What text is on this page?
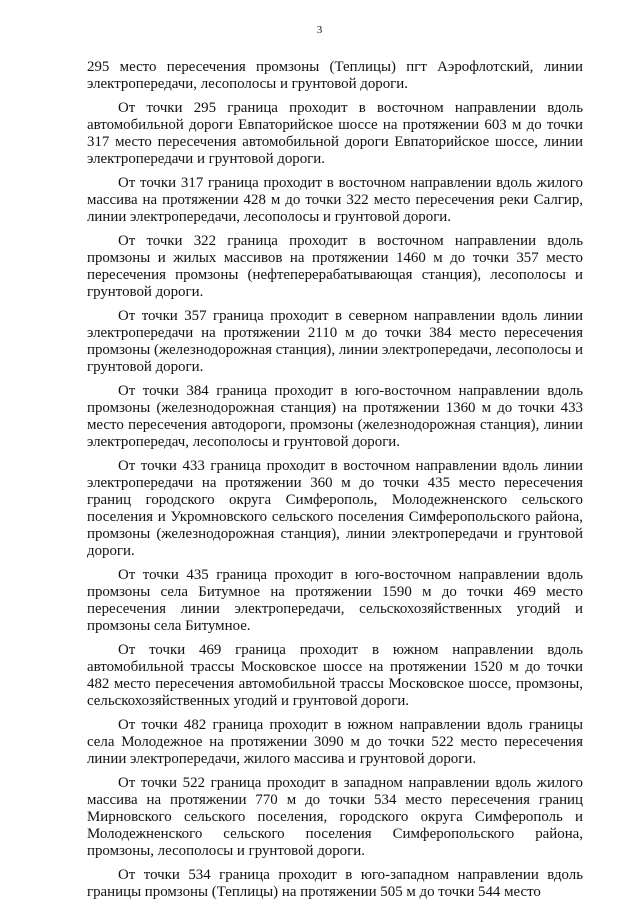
3

295 место пересечения промзоны (Теплицы) пгт Аэрофлотский, линии электропередачи, лесополосы и грунтовой дороги.

От точки 295 граница проходит в восточном направлении вдоль автомобильной дороги Евпаторийское шоссе на протяжении 603 м до точки 317 место пересечения автомобильной дороги Евпаторийское шоссе, линии электропередачи и грунтовой дороги.

От точки 317 граница проходит в восточном направлении вдоль жилого массива на протяжении 428 м до точки 322 место пересечения реки Салгир, линии электропередачи, лесополосы и грунтовой дороги.

От точки 322 граница проходит в восточном направлении вдоль промзоны и жилых массивов на протяжении 1460 м до точки 357 место пересечения промзоны (нефтеперерабатывающая станция), лесополосы и грунтовой дороги.

От точки 357 граница проходит в северном направлении вдоль линии электропередачи на протяжении 2110 м до точки 384 место пересечения промзоны (железнодорожная станция), линии электропередачи, лесополосы и грунтовой дороги.

От точки 384 граница проходит в юго-восточном направлении вдоль промзоны (железнодорожная станция) на протяжении 1360 м до точки 433 место пересечения автодороги, промзоны (железнодорожная станция), линии электропередач, лесополосы и грунтовой дороги.

От точки 433 граница проходит в восточном направлении вдоль линии электропередачи на протяжении 360 м до точки 435 место пересечения границ городского округа Симферополь, Молодежненского сельского поселения и Укромновского сельского поселения Симферопольского района, промзоны (железнодорожная станция), линии электропередачи и грунтовой дороги.

От точки 435 граница проходит в юго-восточном направлении вдоль промзоны села Битумное на протяжении 1590 м до точки 469 место пересечения линии электропередачи, сельскохозяйственных угодий и промзоны села Битумное.

От точки 469 граница проходит в южном направлении вдоль автомобильной трассы Московское шоссе на протяжении 1520 м до точки 482 место пересечения автомобильной трассы Московское шоссе, промзоны, сельскохозяйственных угодий и грунтовой дороги.

От точки 482 граница проходит в южном направлении вдоль границы села Молодежное на протяжении 3090 м до точки 522 место пересечения линии электропередачи, жилого массива и грунтовой дороги.

От точки 522 граница проходит в западном направлении вдоль жилого массива на протяжении 770 м до точки 534 место пересечения границ Мирновского сельского поселения, городского округа Симферополь и Молодежненского сельского поселения Симферопольского района, промзоны, лесополосы и грунтовой дороги.

От точки 534 граница проходит в юго-западном направлении вдоль границы промзоны (Теплицы) на протяжении 505 м до точки 544 место
